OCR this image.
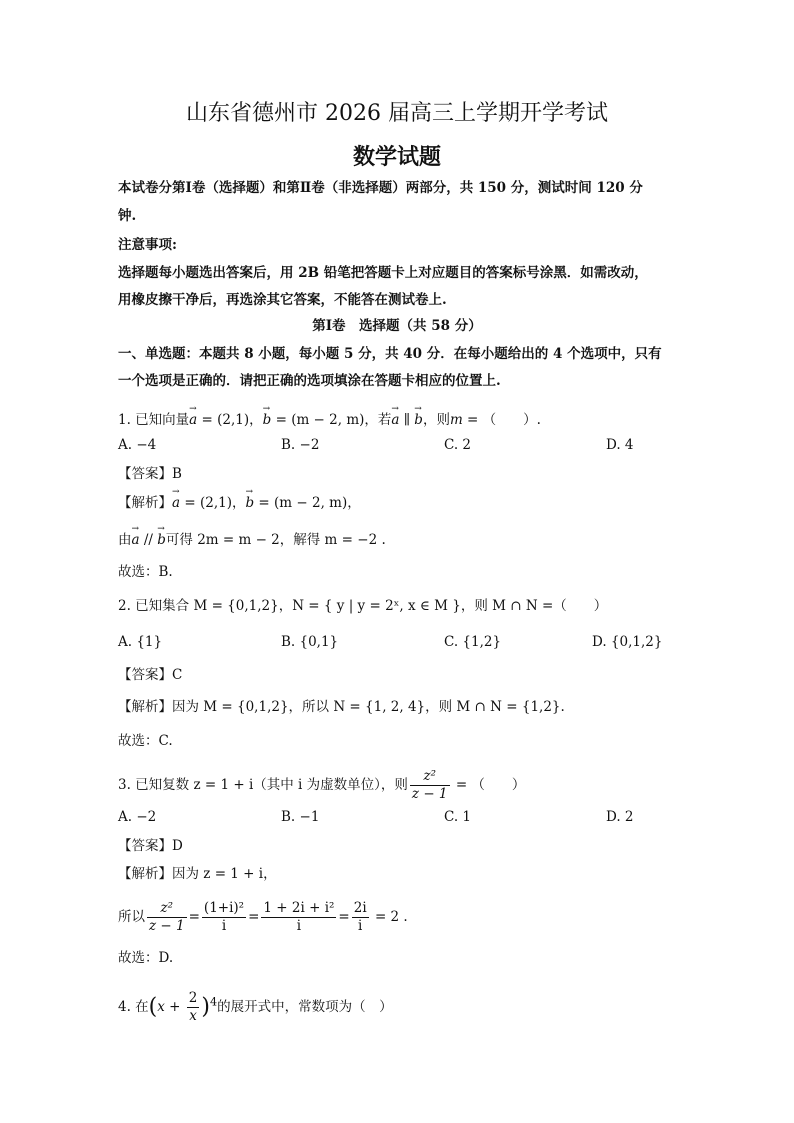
山东省德州市 2026 届高三上学期开学考试
数学试题
本试卷分第Ⅰ卷（选择题）和第Ⅱ卷（非选择题）两部分，共 150 分，测试时间 120 分
钟.
注意事项:
选择题每小题选出答案后，用 2B 铅笔把答题卡上对应题目的答案标号涂黑．如需改动，
用橡皮擦干净后，再选涂其它答案，不能答在测试卷上.
第Ⅰ卷　选择题（共 58 分）
一、单选题：本题共 8 小题，每小题 5 分，共 40 分．在每小题给出的 4 个选项中，只有
一个选项是正确的．请把正确的选项填涂在答题卡相应的位置上.
1. 已知向量→ a = (2,1)，→ b = (m − 2, m)，若→ a ∥ → b，则m = （　　）.
A. −4	B. −2	C. 2	D. 4
【答案】B
【解析】→ a = (2,1)，→ b = (m − 2, m)，
由→ a // → b可得 2m = m − 2，解得 m = −2 .
故选：B.
2. 已知集合 M = {0,1,2}，N = { y | y = 2ˣ, x ∈ M }，则 M ∩ N =（　　）
A. {1}	B. {0,1}	C. {1,2}	D. {0,1,2}
【答案】C
【解析】因为 M = {0,1,2}，所以 N = {1, 2, 4}，则 M ∩ N = {1,2}.
故选：C.
3. 已知复数 z = 1 + i（其中 i 为虚数单位），则 $\frac{\text{z²}}{z - 1}$ = （　　）
A. −2	B. −1	C. 1	D. 2
【答案】D
【解析】因为 z = 1 + i，
所以 $\frac{\text{z²}}{z - 1} = \frac{\text{(1+i)²}}{i} = \frac{\text{1 + 2i + i²}}{i} = \frac{2i}{i} = 2$ .
故选：D.
4. 在$(x + \frac{2}{x} )^4$的展开式中，常数项为（　）
